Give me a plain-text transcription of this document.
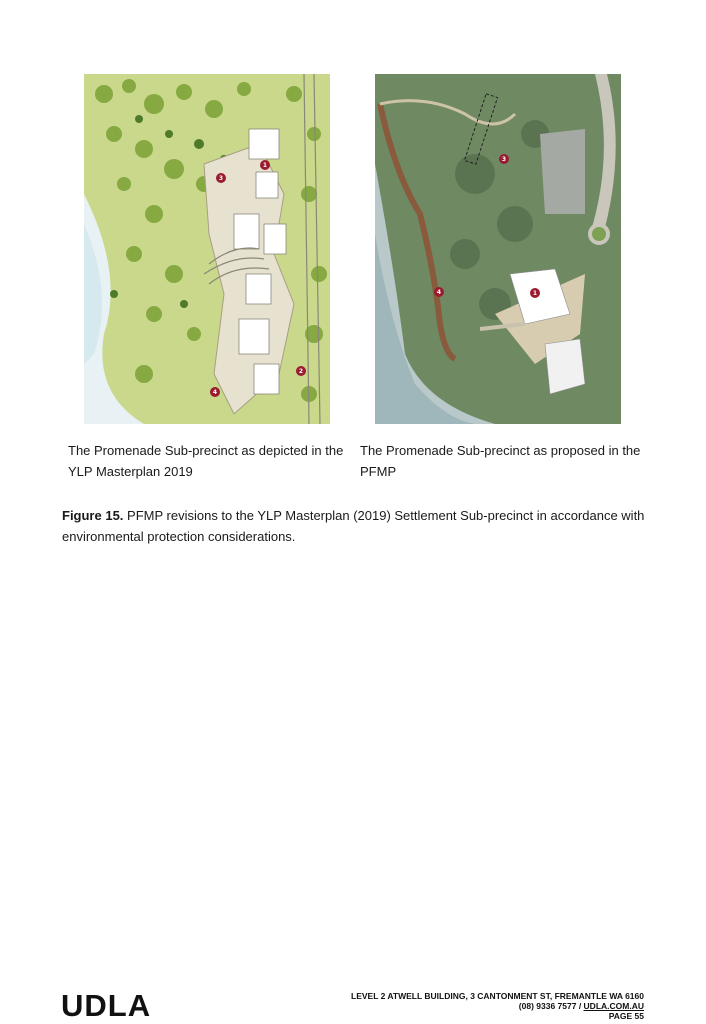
1
2
3
4
1
3
4
The Promenade Sub-precinct as depicted in the YLP Masterplan 2019
The Promenade Sub-precinct as proposed in the PFMP
Figure 15. PFMP revisions to the YLP Masterplan (2019) Settlement Sub-precinct in accordance with environmental protection considerations.
UDLA	LEVEL 2 ATWELL BUILDING, 3 CANTONMENT ST, FREMANTLE WA 6160
(08) 9336 7577 / UDLA.COM.AU
PAGE 55
